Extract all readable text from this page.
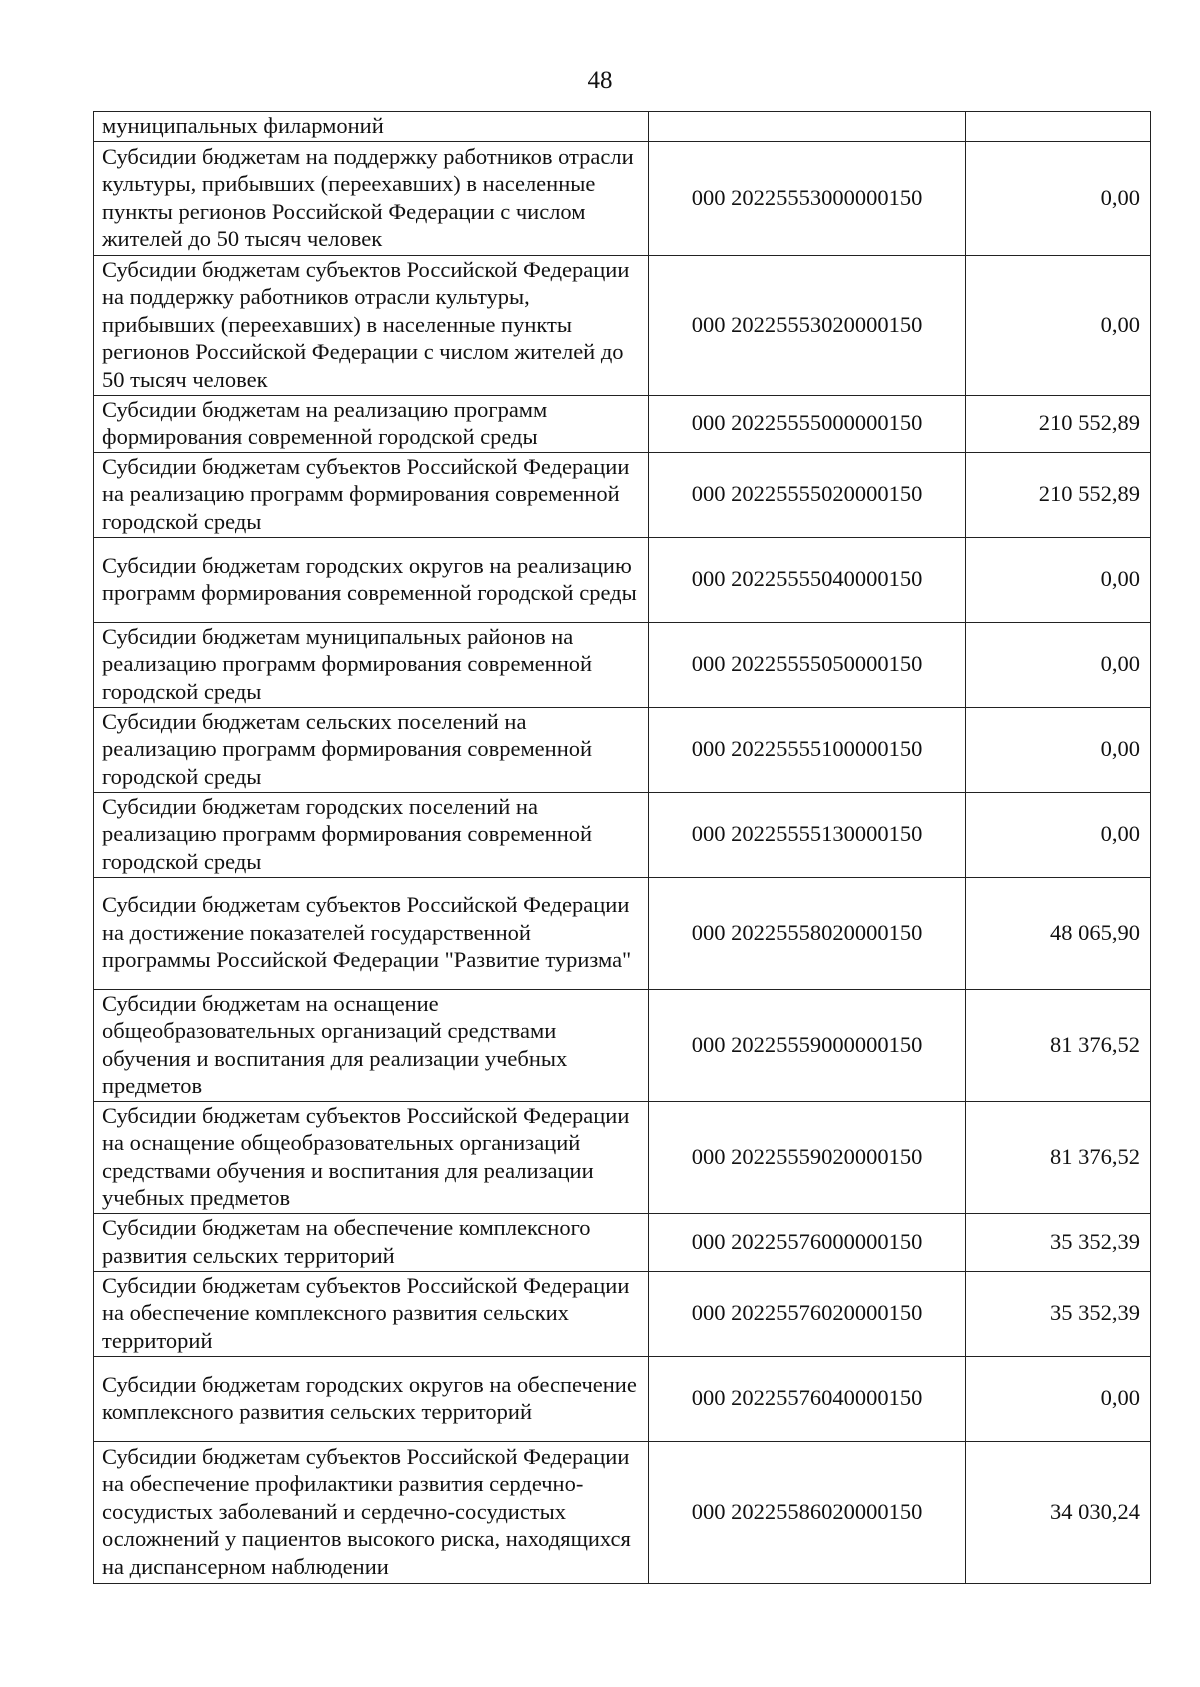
48
муниципальных филармоний		
Субсидии бюджетам на поддержку работников отрасли культуры, прибывших (переехавших) в населенные пункты регионов Российской Федерации с числом жителей до 50 тысяч человек	000 20225553000000150	0,00
Субсидии бюджетам субъектов Российской Федерации на поддержку работников отрасли культуры, прибывших (переехавших) в населенные пункты регионов Российской Федерации с числом жителей до 50 тысяч человек	000 20225553020000150	0,00
Субсидии бюджетам на реализацию программ формирования современной городской среды	000 20225555000000150	210 552,89
Субсидии бюджетам субъектов Российской Федерации на реализацию программ формирования современной городской среды	000 20225555020000150	210 552,89
Субсидии бюджетам городских округов на реализацию программ формирования современной городской среды	000 20225555040000150	0,00
Субсидии бюджетам муниципальных районов на реализацию программ формирования современной городской среды	000 20225555050000150	0,00
Субсидии бюджетам сельских поселений на реализацию программ формирования современной городской среды	000 20225555100000150	0,00
Субсидии бюджетам городских поселений на реализацию программ формирования современной городской среды	000 20225555130000150	0,00
Субсидии бюджетам субъектов Российской Федерации на достижение показателей государственной программы Российской Федерации "Развитие туризма"	000 20225558020000150	48 065,90
Субсидии бюджетам на оснащение общеобразовательных организаций средствами обучения и воспитания для реализации учебных предметов	000 20225559000000150	81 376,52
Субсидии бюджетам субъектов Российской Федерации на оснащение общеобразовательных организаций средствами обучения и воспитания для реализации учебных предметов	000 20225559020000150	81 376,52
Субсидии бюджетам на обеспечение комплексного развития сельских территорий	000 20225576000000150	35 352,39
Субсидии бюджетам субъектов Российской Федерации на обеспечение комплексного развития сельских территорий	000 20225576020000150	35 352,39
Субсидии бюджетам городских округов на обеспечение комплексного развития сельских территорий	000 20225576040000150	0,00
Субсидии бюджетам субъектов Российской Федерации на обеспечение профилактики развития сердечно-сосудистых заболеваний и сердечно-сосудистых осложнений у пациентов высокого риска, находящихся на диспансерном наблюдении	000 20225586020000150	34 030,24
